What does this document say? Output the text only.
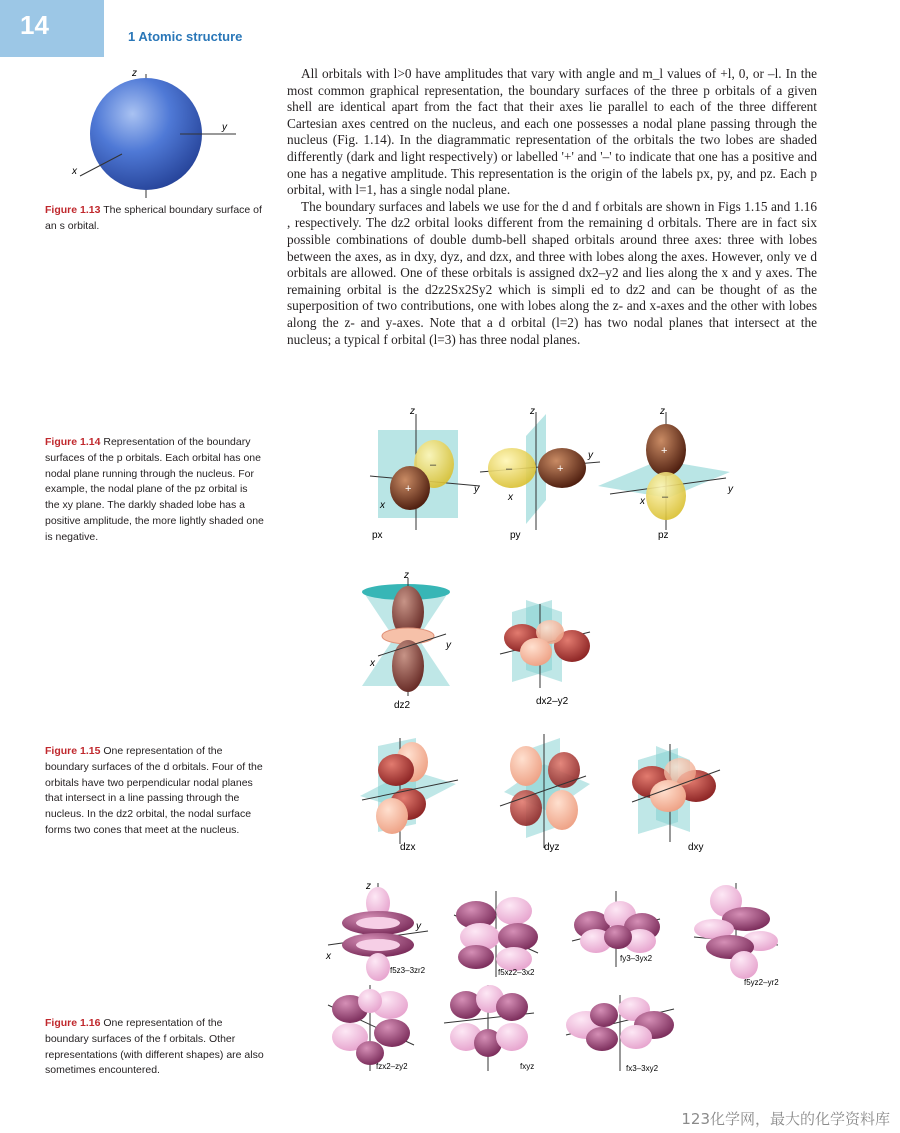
14	1 Atomic structure
z
y
x
Figure 1.13 The spherical boundary surface of an s orbital.

All orbitals with l>0 have amplitudes that vary with angle and m_l values of +l, 0, or –l. In the most common graphical representation, the boundary surfaces of the three p orbitals of a given shell are identical apart from the fact that their axes lie parallel to each of the three different Cartesian axes centred on the nucleus, and each one possesses a nodal plane passing through the nucleus (Fig. 1.14). In the diagrammatic representation of the orbitals the two lobes are shaded differently (dark and light respectively) or labelled '+' and '–' to indicate that one has a positive and one has a negative amplitude. This representation is the origin of the labels px, py, and pz. Each p orbital, with l=1, has a single nodal plane.

The boundary surfaces and labels we use for the d and f orbitals are shown in Figs 1.15 and 1.16 , respectively. The dz2 orbital looks different from the remaining d orbitals. There are in fact six possible combinations of double dumb-bell shaped orbitals around three axes: three with lobes between the axes, as in dxy, dyz, and dzx, and three with lobes along the axes. However, only ve d orbitals are allowed. One of these orbitals is assigned dx2–y2 and lies along the x and y axes. The remaining orbital is the d2z2Sx2Sy2 which is simpli ed to dz2 and can be thought of as the superposition of two contributions, one with lobes along the z- and x-axes and the other with lobes along the z- and y-axes. Note that a d orbital (l=2) has two nodal planes that intersect at the nucleus; a typical f orbital (l=3) has three nodal planes.

Figure 1.14 Representation of the boundary surfaces of the p orbitals. Each orbital has one nodal plane running through the nucleus. For example, the nodal plane of the pz orbital is the xy plane. The darkly shaded lobe has a positive amplitude, the more lightly shaded one is negative.
–
+
z
y
x
px
–	+
z
y
x
py
+
–
z
y
x
pz
Figure 1.15 One representation of the boundary surfaces of the d orbitals. Four of the orbitals have two perpendicular nodal planes that intersect in a line passing through the nucleus. In the dz2 orbital, the nodal surface forms two cones that meet at the nucleus.
z
y
x
dz2	dx2–y2
dzx	dyz	dxy
Figure 1.16 One representation of the boundary surfaces of the f orbitals. Other representations (with different shapes) are also sometimes encountered.
z
y
x
f5z3–3zr2	f5xz2–3x2
fy3–3yx2
f5yz2–yr2
fzx2–zy2	fxyz	fx3–3xy2
123化学网，最大的化学资料库
